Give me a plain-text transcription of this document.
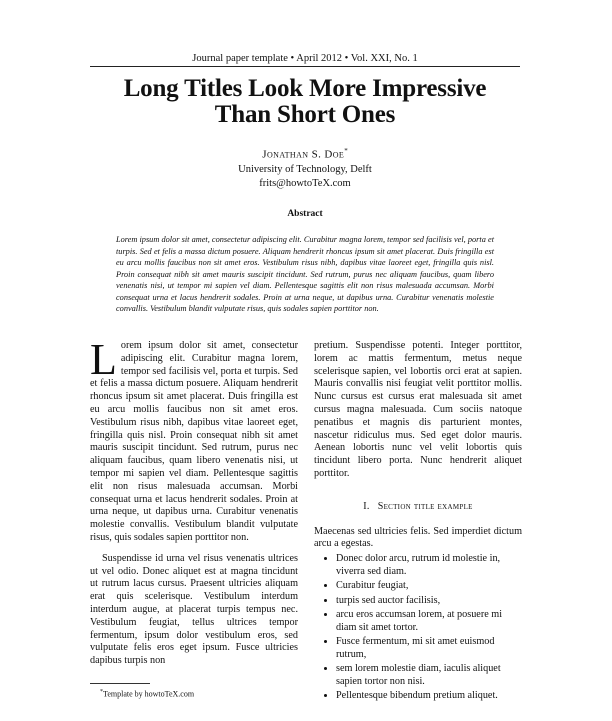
Journal paper template • April 2012 • Vol. XXI, No. 1
Long Titles Look More Impressive
Than Short Ones
Jonathan S. Doe*
University of Technology, Delft
frits@howtoTeX.com
Abstract
Lorem ipsum dolor sit amet, consectetur adipiscing elit. Curabitur magna lorem, tempor sed facilisis vel, porta et turpis. Sed et felis a massa dictum posuere. Aliquam hendrerit rhoncus ipsum sit amet placerat. Duis fringilla est eu arcu mollis faucibus non sit amet eros. Vestibulum risus nibh, dapibus vitae laoreet eget, fringilla quis nisl. Proin consequat nibh sit amet mauris suscipit tincidunt. Sed rutrum, purus nec aliquam faucibus, quam libero venenatis nisi, ut tempor mi sapien vel diam. Pellentesque sagittis elit non risus malesuada accumsan. Morbi consequat urna et lacus hendrerit sodales. Proin at urna neque, ut dapibus urna. Curabitur venenatis molestie convallis. Vestibulum blandit vulputate risus, quis sodales sapien porttitor non.

Lorem ipsum dolor sit amet, consectetur adipiscing elit. Curabitur magna lorem, tempor sed facilisis vel, porta et turpis. Sed et felis a massa dictum posuere. Aliquam hendrerit rhoncus ipsum sit amet placerat. Duis fringilla est eu arcu mollis faucibus non sit amet eros. Vestibulum risus nibh, dapibus vitae laoreet eget, fringilla quis nisl. Proin consequat nibh sit amet mauris suscipit tincidunt. Sed rutrum, purus nec aliquam faucibus, quam libero venenatis nisi, ut tempor mi sapien vel diam. Pellentesque sagittis elit non risus malesuada accumsan. Morbi consequat urna et lacus hendrerit sodales. Proin at urna neque, ut dapibus urna. Curabitur venenatis molestie convallis. Vestibulum blandit vulputate risus, quis sodales sapien porttitor non.

Suspendisse id urna vel risus venenatis ultrices ut vel odio. Donec aliquet est at magna tincidunt ut rutrum lacus cursus. Praesent ultricies aliquam erat quis scelerisque. Vestibulum interdum interdum augue, at placerat turpis tempus nec. Vestibulum feugiat, tellus ultrices tempor fermentum, ipsum dolor vestibulum eros, sed vulputate felis eros eget ipsum. Fusce ultricies dapibus turpis non

pretium. Suspendisse potenti. Integer porttitor, lorem ac mattis fermentum, metus neque scelerisque sapien, vel lobortis orci erat at sapien. Mauris convallis nisi feugiat velit porttitor mollis. Nunc cursus est cursus erat malesuada sit amet cursus magna malesuada. Cum sociis natoque penatibus et magnis dis parturient montes, nascetur ridiculus mus. Sed eget dolor mauris. Aenean lobortis nunc vel velit lobortis quis tincidunt libero porta. Nunc hendrerit aliquet porttitor.

I. Section title example

Maecenas sed ultricies felis. Sed imperdiet dictum arcu a egestas.

• Donec dolor arcu, rutrum id molestie in, viverra sed diam.
• Curabitur feugiat,
• turpis sed auctor facilisis,
• arcu eros accumsan lorem, at posuere mi diam sit amet tortor.
• Fusce fermentum, mi sit amet euismod rutrum,
• sem lorem molestie diam, iaculis aliquet sapien tortor non nisi.
• Pellentesque bibendum pretium aliquet.
*Template by howtoTeX.com
